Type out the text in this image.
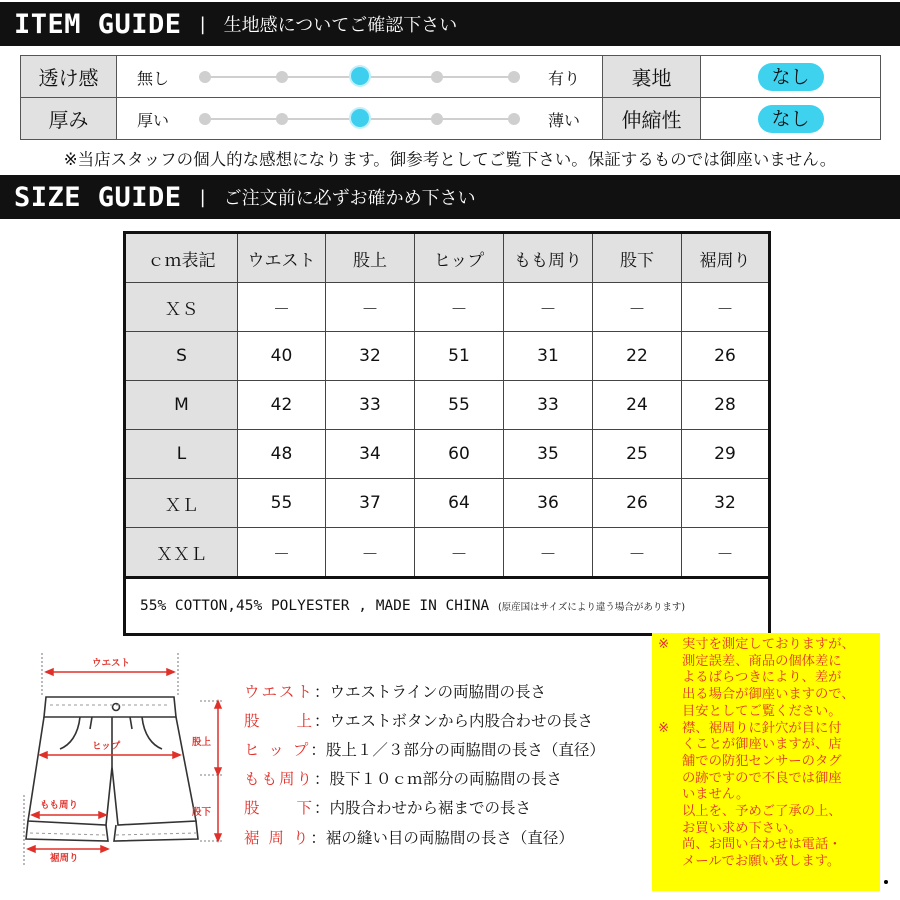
ITEM GUIDE | 生地感についてご確認下さい
透け感	無し 有り	裏地	なし
厚み	厚い 薄い	伸縮性	なし
※当店スタッフの個人的な感想になります。御参考としてご覧下さい。保証するものでは御座いません。
SIZE GUIDE | ご注文前に必ずお確かめ下さい
ｃｍ表記	ウエスト	股上	ヒップ	もも周り	股下	裾周り
ＸＳ	－	－	－	－	－	－
S	40	32	51	31	22	26
M	42	33	55	33	24	28
L	48	34	60	35	25	29
ＸＬ	55	37	64	36	26	32
ＸＸＬ	－	－	－	－	－	－
55% COTTON,45% POLYESTER , MADE IN CHINA (原産国はサイズにより違う場合があります)						
ウエスト
ヒップ
もも周り
裾周り
股上
股下
ウエスト ：ウエストラインの両脇間の長さ
股　　上 ：ウエストボタンから内股合わせの長さ
ヒ ッ プ ：股上１／３部分の両脇間の長さ（直径）
もも周り ：股下１０ｃｍ部分の両脇間の長さ
股　　下 ：内股合わせから裾までの長さ
裾 周 り ：裾の縫い目の両脇間の長さ（直径）

※ 実寸を測定しておりますが、

測定誤差、商品の個体差に

よるばらつきにより、差が

出る場合が御座いますので、

目安としてご覧ください。

※ 襟、裾周りに針穴が目に付

くことが御座いますが、店

舗での防犯センサーのタグ

の跡ですので不良では御座

いません。

以上を、予めご了承の上、

お買い求め下さい。

尚、お問い合わせは電話・

メールでお願い致します。
